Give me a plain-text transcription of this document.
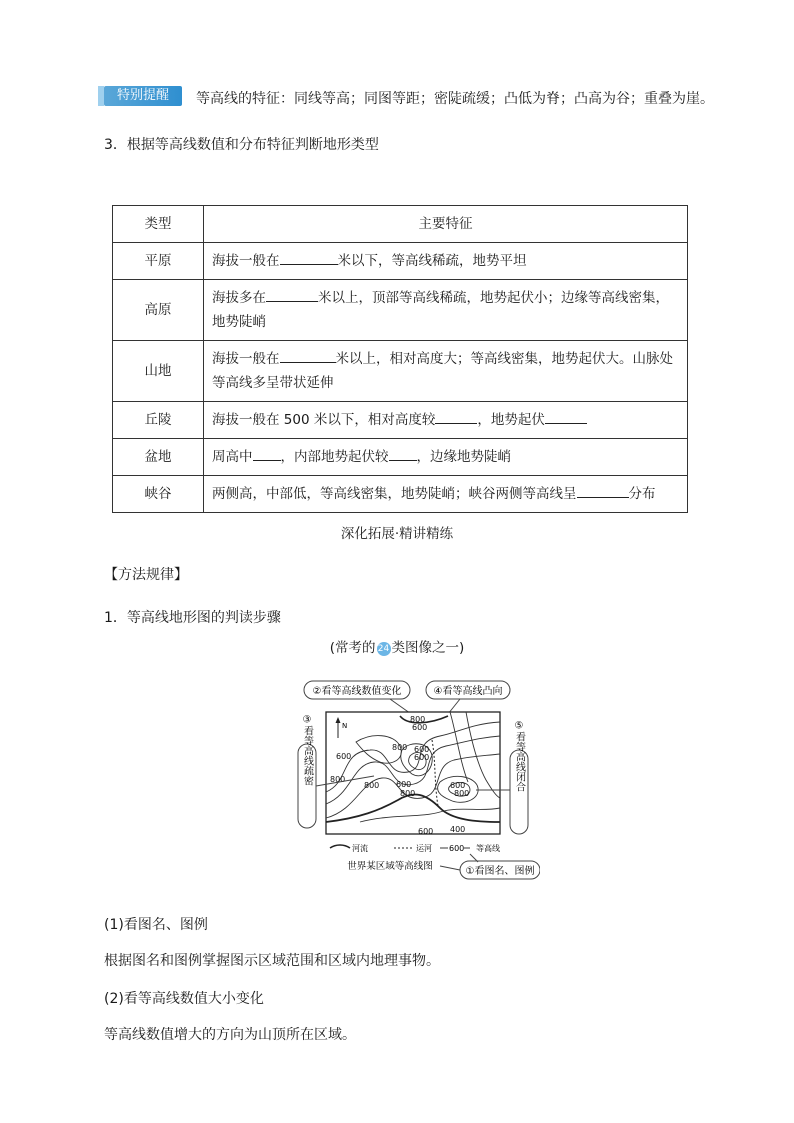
特别提醒	等高线的特征：同线等高；同图等距；密陡疏缓；凸低为脊；凸高为谷；重叠为崖。
3．根据等高线数值和分布特征判断地形类型
类型	主要特征
平原	海拔一般在 米以下，等高线稀疏，地势平坦
高原	海拔多在 米以上，顶部等高线稀疏，地势起伏小；边缘等高线密集，地势陡峭
山地	海拔一般在 米以上，相对高度大；等高线密集，地势起伏大。山脉处等高线多呈带状延伸
丘陵	海拔一般在 500 米以下，相对高度较 ，地势起伏
盆地	周高中 ，内部地势起伏较 ，边缘地势陡峭
峡谷	两侧高，中部低，等高线密集，地势陡峭；峡谷两侧等高线呈 分布
深化拓展·精讲精练
【方法规律】
1．等高线地形图的判读步骤
(常考的 24 类图像之一)
②看等高线数值变化	④看等高线凸向
N
800
600
600
800
600
600
800
600
800
800
800
600
400
600
③看等高线疏密	⑤看等高线闭合
河流	运河 600 等高线
世界某区域等高线图	①看图名、图例
(1)看图名、图例
根据图名和图例掌握图示区域范围和区域内地理事物。
(2)看等高线数值大小变化
等高线数值增大的方向为山顶所在区域。
